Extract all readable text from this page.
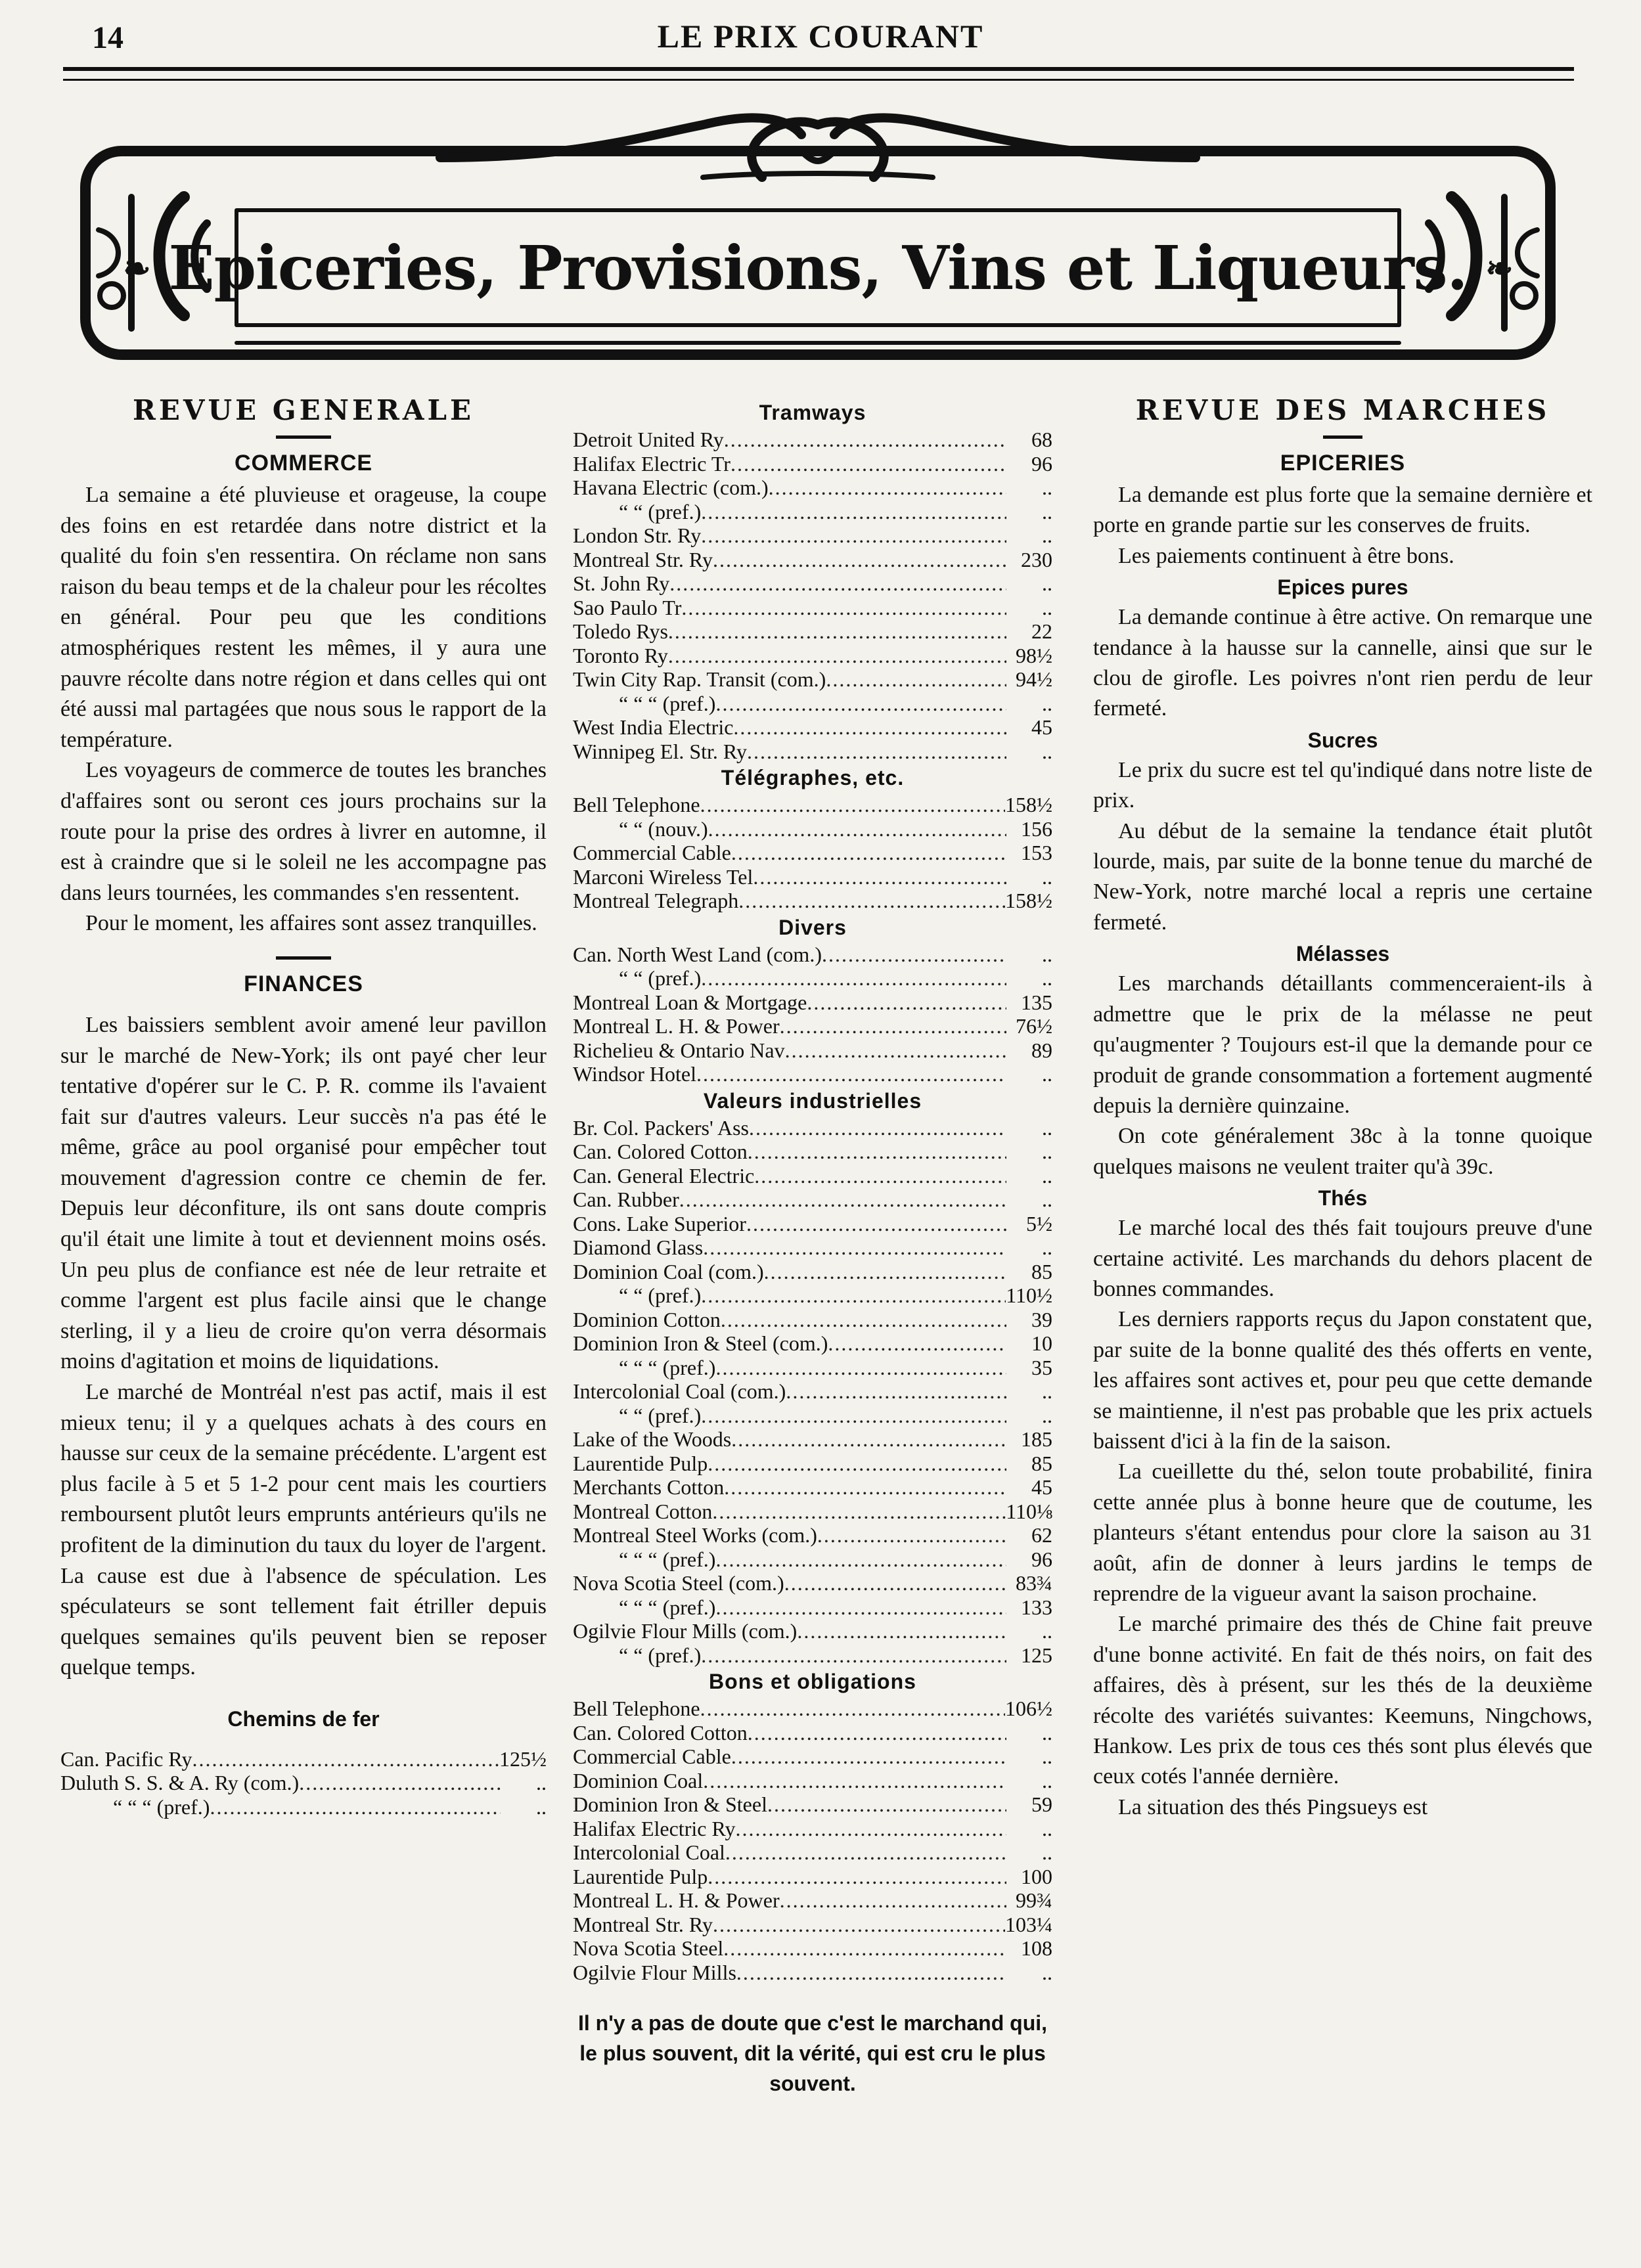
14	LE PRIX COURANT
❧ Epiceries, Provisions, Vins et Liqueurs. ❧
REVUE GENERALE
COMMERCE

La semaine a été pluvieuse et orageuse, la coupe des foins en est retardée dans notre district et la qualité du foin s'en ressentira. On réclame non sans raison du beau temps et de la chaleur pour les récoltes en général. Pour peu que les conditions atmosphériques restent les mêmes, il y aura une pauvre récolte dans notre région et dans celles qui ont été aussi mal partagées que nous sous le rapport de la température.

Les voyageurs de commerce de toutes les branches d'affaires sont ou seront ces jours prochains sur la route pour la prise des ordres à livrer en automne, il est à craindre que si le soleil ne les accompagne pas dans leurs tournées, les commandes s'en ressentent.

Pour le moment, les affaires sont assez tranquilles.

FINANCES

Les baissiers semblent avoir amené leur pavillon sur le marché de New-York; ils ont payé cher leur tentative d'opérer sur le C. P. R. comme ils l'avaient fait sur d'autres valeurs. Leur succès n'a pas été le même, grâce au pool organisé pour empêcher tout mouvement d'agression contre ce chemin de fer. Depuis leur déconfiture, ils ont sans doute compris qu'il était une limite à tout et deviennent moins osés. Un peu plus de confiance est née de leur retraite et comme l'argent est plus facile ainsi que le change sterling, il y a lieu de croire qu'on verra désormais moins d'agitation et moins de liquidations.

Le marché de Montréal n'est pas actif, mais il est mieux tenu; il y a quelques achats à des cours en hausse sur ceux de la semaine précédente. L'argent est plus facile à 5 et 5 1-2 pour cent mais les courtiers remboursent plutôt leurs emprunts antérieurs qu'ils ne profitent de la diminution du taux du loyer de l'argent. La cause est due à l'absence de spéculation. Les spéculateurs se sont tellement fait étriller depuis quelques semaines qu'ils peuvent bien se reposer quelque temps.

Chemins de fer
Can. Pacific Ry .....	125½
Duluth S. S. & A. Ry (com.) .....	..
“ “ “ (pref.) .....	..
Tramways
Detroit United Ry .....	68
Halifax Electric Tr .....	96
Havana Electric (com.) .....	..
“ “ (pref.) .....	..
London Str. Ry .....	..
Montreal Str. Ry .....	230
St. John Ry .....	..
Sao Paulo Tr .....	..
Toledo Rys .....	22
Toronto Ry .....	98½
Twin City Rap. Transit (com.) .....	94½
“ “ “ (pref.) .....	..
West India Electric .....	45
Winnipeg El. Str. Ry .....	..
Télégraphes, etc.
Bell Telephone .....	158½
“ “ (nouv.) .....	156
Commercial Cable .....	153
Marconi Wireless Tel .....	..
Montreal Telegraph .....	158½
Divers
Can. North West Land (com.) .....	..
“ “ (pref.) .....	..
Montreal Loan & Mortgage .....	135
Montreal L. H. & Power .....	76½
Richelieu & Ontario Nav .....	89
Windsor Hotel .....	..
Valeurs industrielles
Br. Col. Packers' Ass .....	..
Can. Colored Cotton .....	..
Can. General Electric .....	..
Can. Rubber .....	..
Cons. Lake Superior .....	5½
Diamond Glass .....	..
Dominion Coal (com.) .....	85
“ “ (pref.) .....	110½
Dominion Cotton .....	39
Dominion Iron & Steel (com.) .....	10
“ “ “ (pref.) .....	35
Intercolonial Coal (com.) .....	..
“ “ (pref.) .....	..
Lake of the Woods .....	185
Laurentide Pulp .....	85
Merchants Cotton .....	45
Montreal Cotton .....	110⅛
Montreal Steel Works (com.) .....	62
“ “ “ (pref.) .....	96
Nova Scotia Steel (com.) .....	83¾
“ “ “ (pref.) .....	133
Ogilvie Flour Mills (com.) .....	..
“ “ (pref.) .....	125
Bons et obligations
Bell Telephone .....	106½
Can. Colored Cotton .....	..
Commercial Cable .....	..
Dominion Coal .....	..
Dominion Iron & Steel .....	59
Halifax Electric Ry .....	..
Intercolonial Coal .....	..
Laurentide Pulp .....	100
Montreal L. H. & Power .....	99¾
Montreal Str. Ry .....	103¼
Nova Scotia Steel .....	108
Ogilvie Flour Mills .....	..
Il n'y a pas de doute que c'est le marchand qui, le plus souvent, dit la vérité, qui est cru le plus souvent.
REVUE DES MARCHES
EPICERIES

La demande est plus forte que la semaine dernière et porte en grande partie sur les conserves de fruits.

Les paiements continuent à être bons.

Epices pures

La demande continue à être active. On remarque une tendance à la hausse sur la cannelle, ainsi que sur le clou de girofle. Les poivres n'ont rien perdu de leur fermeté.

Sucres

Le prix du sucre est tel qu'indiqué dans notre liste de prix.

Au début de la semaine la tendance était plutôt lourde, mais, par suite de la bonne tenue du marché de New-York, notre marché local a repris une certaine fermeté.

Mélasses

Les marchands détaillants commenceraient-ils à admettre que le prix de la mélasse ne peut qu'augmenter ? Toujours est-il que la demande pour ce produit de grande consommation a fortement augmenté depuis la dernière quinzaine.

On cote généralement 38c à la tonne quoique quelques maisons ne veulent traiter qu'à 39c.

Thés

Le marché local des thés fait toujours preuve d'une certaine activité. Les marchands du dehors placent de bonnes commandes.

Les derniers rapports reçus du Japon constatent que, par suite de la bonne qualité des thés offerts en vente, les affaires sont actives et, pour peu que cette demande se maintienne, il n'est pas probable que les prix actuels baissent d'ici à la fin de la saison.

La cueillette du thé, selon toute probabilité, finira cette année plus à bonne heure que de coutume, les planteurs s'étant entendus pour clore la saison au 31 août, afin de donner à leurs jardins le temps de reprendre de la vigueur avant la saison prochaine.

Le marché primaire des thés de Chine fait preuve d'une bonne activité. En fait de thés noirs, on fait des affaires, dès à présent, sur les thés de la deuxième récolte des variétés suivantes: Keemuns, Ningchows, Hankow. Les prix de tous ces thés sont plus élevés que ceux cotés l'année dernière.

La situation des thés Pingsueys est
